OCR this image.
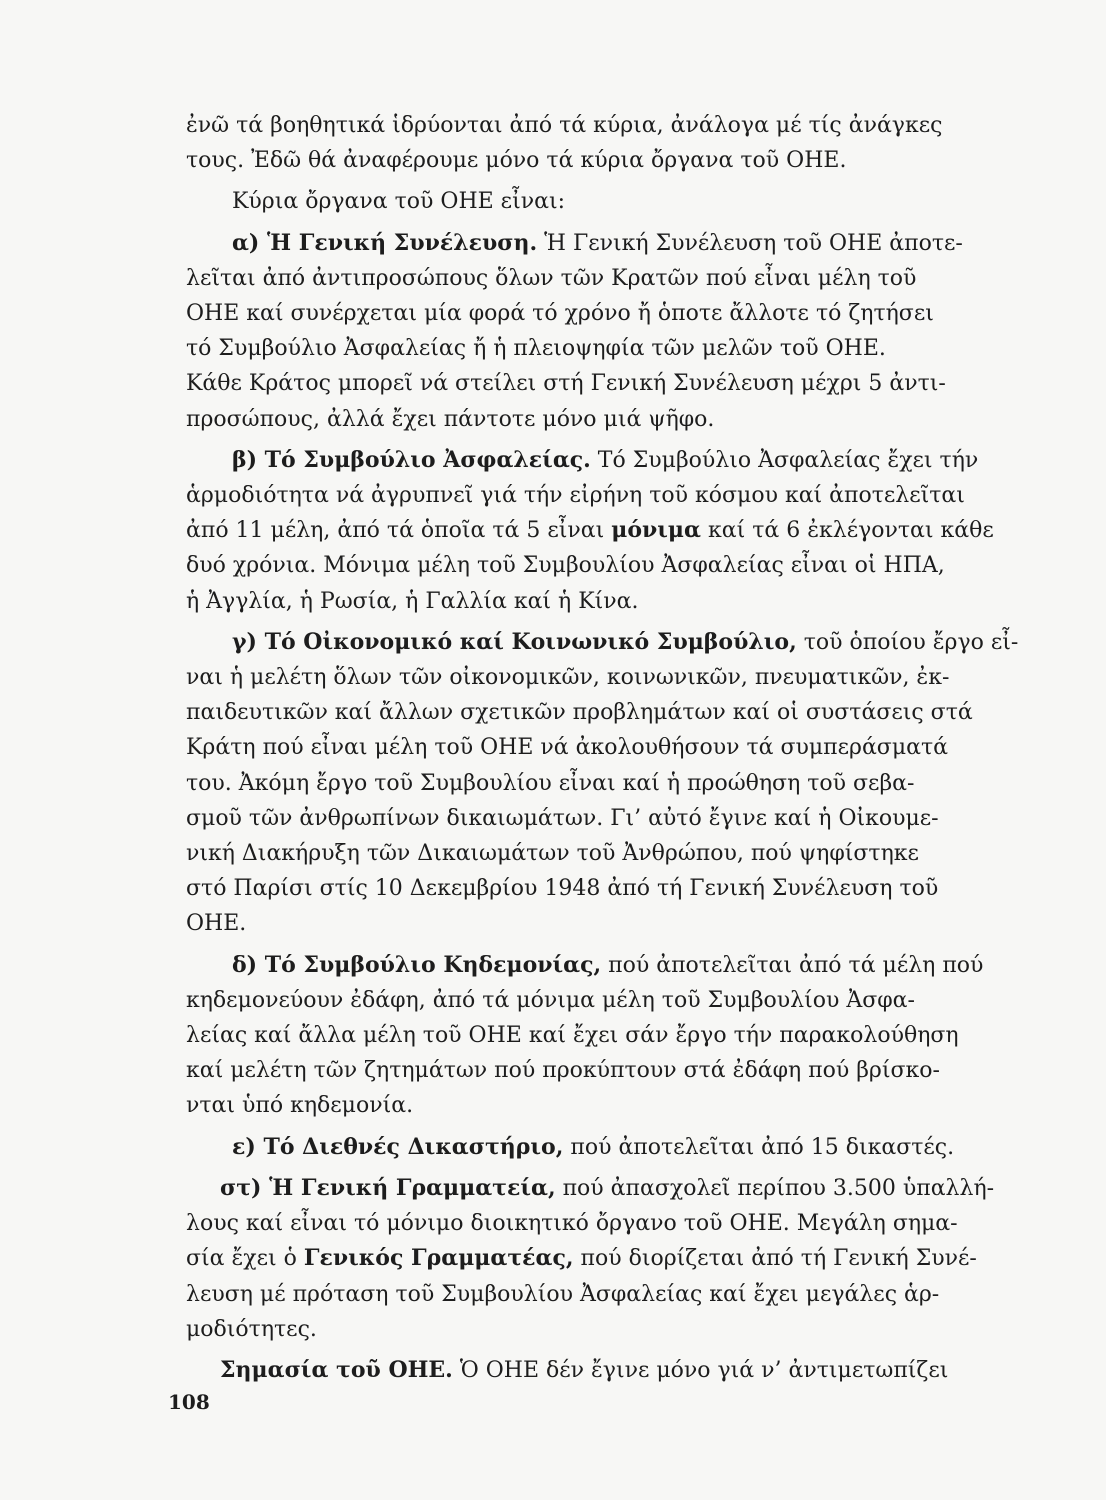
ἐνῶ τά βοηθητικά ἱδρύονται ἀπό τά κύρια, ἀνάλογα μέ τίς ἀνάγκες
τους. Ἐδῶ θά ἀναφέρουμε μόνο τά κύρια ὄργανα τοῦ ΟΗΕ.
Κύρια ὄργανα τοῦ ΟΗΕ εἶναι:
α) Ἡ Γενική Συνέλευση. Ἡ Γενική Συνέλευση τοῦ ΟΗΕ ἀποτε-
λεῖται ἀπό ἀντιπροσώπους ὅλων τῶν Κρατῶν πού εἶναι μέλη τοῦ
ΟΗΕ καί συνέρχεται μία φορά τό χρόνο ἤ ὁποτε ἄλλοτε τό ζητήσει
τό Συμβούλιο Ἀσφαλείας ἤ ἡ πλειοψηφία τῶν μελῶν τοῦ ΟΗΕ.
Κάθε Κράτος μπορεῖ νά στείλει στή Γενική Συνέλευση μέχρι 5 ἀντι-
προσώπους, ἀλλά ἔχει πάντοτε μόνο μιά ψῆφο.
β) Τό Συμβούλιο Ἀσφαλείας. Τό Συμβούλιο Ἀσφαλείας ἔχει τήν
ἁρμοδιότητα νά ἀγρυπνεῖ γιά τήν εἰρήνη τοῦ κόσμου καί ἀποτελεῖται
ἀπό 11 μέλη, ἀπό τά ὁποῖα τά 5 εἶναι μόνιμα καί τά 6 ἐκλέγονται κάθε
δυό χρόνια. Μόνιμα μέλη τοῦ Συμβουλίου Ἀσφαλείας εἶναι οἱ ΗΠΑ,
ἡ Ἀγγλία, ἡ Ρωσία, ἡ Γαλλία καί ἡ Κίνα.
γ) Τό Οἰκονομικό καί Κοινωνικό Συμβούλιο, τοῦ ὁποίου ἔργο εἶ-
ναι ἡ μελέτη ὅλων τῶν οἰκονομικῶν, κοινωνικῶν, πνευματικῶν, ἐκ-
παιδευτικῶν καί ἄλλων σχετικῶν προβλημάτων καί οἱ συστάσεις στά
Κράτη πού εἶναι μέλη τοῦ ΟΗΕ νά ἀκολουθήσουν τά συμπεράσματά
του. Ἀκόμη ἔργο τοῦ Συμβουλίου εἶναι καί ἡ προώθηση τοῦ σεβα-
σμοῦ τῶν ἀνθρωπίνων δικαιωμάτων. Γι’ αὐτό ἔγινε καί ἡ Οἰκουμε-
νική Διακήρυξη τῶν Δικαιωμάτων τοῦ Ἀνθρώπου, πού ψηφίστηκε
στό Παρίσι στίς 10 Δεκεμβρίου 1948 ἀπό τή Γενική Συνέλευση τοῦ
ΟΗΕ.
δ) Τό Συμβούλιο Κηδεμονίας, πού ἀποτελεῖται ἀπό τά μέλη πού
κηδεμονεύουν ἐδάφη, ἀπό τά μόνιμα μέλη τοῦ Συμβουλίου Ἀσφα-
λείας καί ἄλλα μέλη τοῦ ΟΗΕ καί ἔχει σάν ἔργο τήν παρακολούθηση
καί μελέτη τῶν ζητημάτων πού προκύπτουν στά ἐδάφη πού βρίσκο-
νται ὑπό κηδεμονία.
ε) Τό Διεθνές Δικαστήριο, πού ἀποτελεῖται ἀπό 15 δικαστές.
στ) Ἡ Γενική Γραμματεία, πού ἀπασχολεῖ περίπου 3.500 ὑπαλλή-
λους καί εἶναι τό μόνιμο διοικητικό ὄργανο τοῦ ΟΗΕ. Μεγάλη σημα-
σία ἔχει ὁ Γενικός Γραμματέας, πού διορίζεται ἀπό τή Γενική Συνέ-
λευση μέ πρόταση τοῦ Συμβουλίου Ἀσφαλείας καί ἔχει μεγάλες ἁρ-
μοδιότητες.
Σημασία τοῦ ΟΗΕ. Ὁ ΟΗΕ δέν ἔγινε μόνο γιά ν’ ἀντιμετωπίζει
108
